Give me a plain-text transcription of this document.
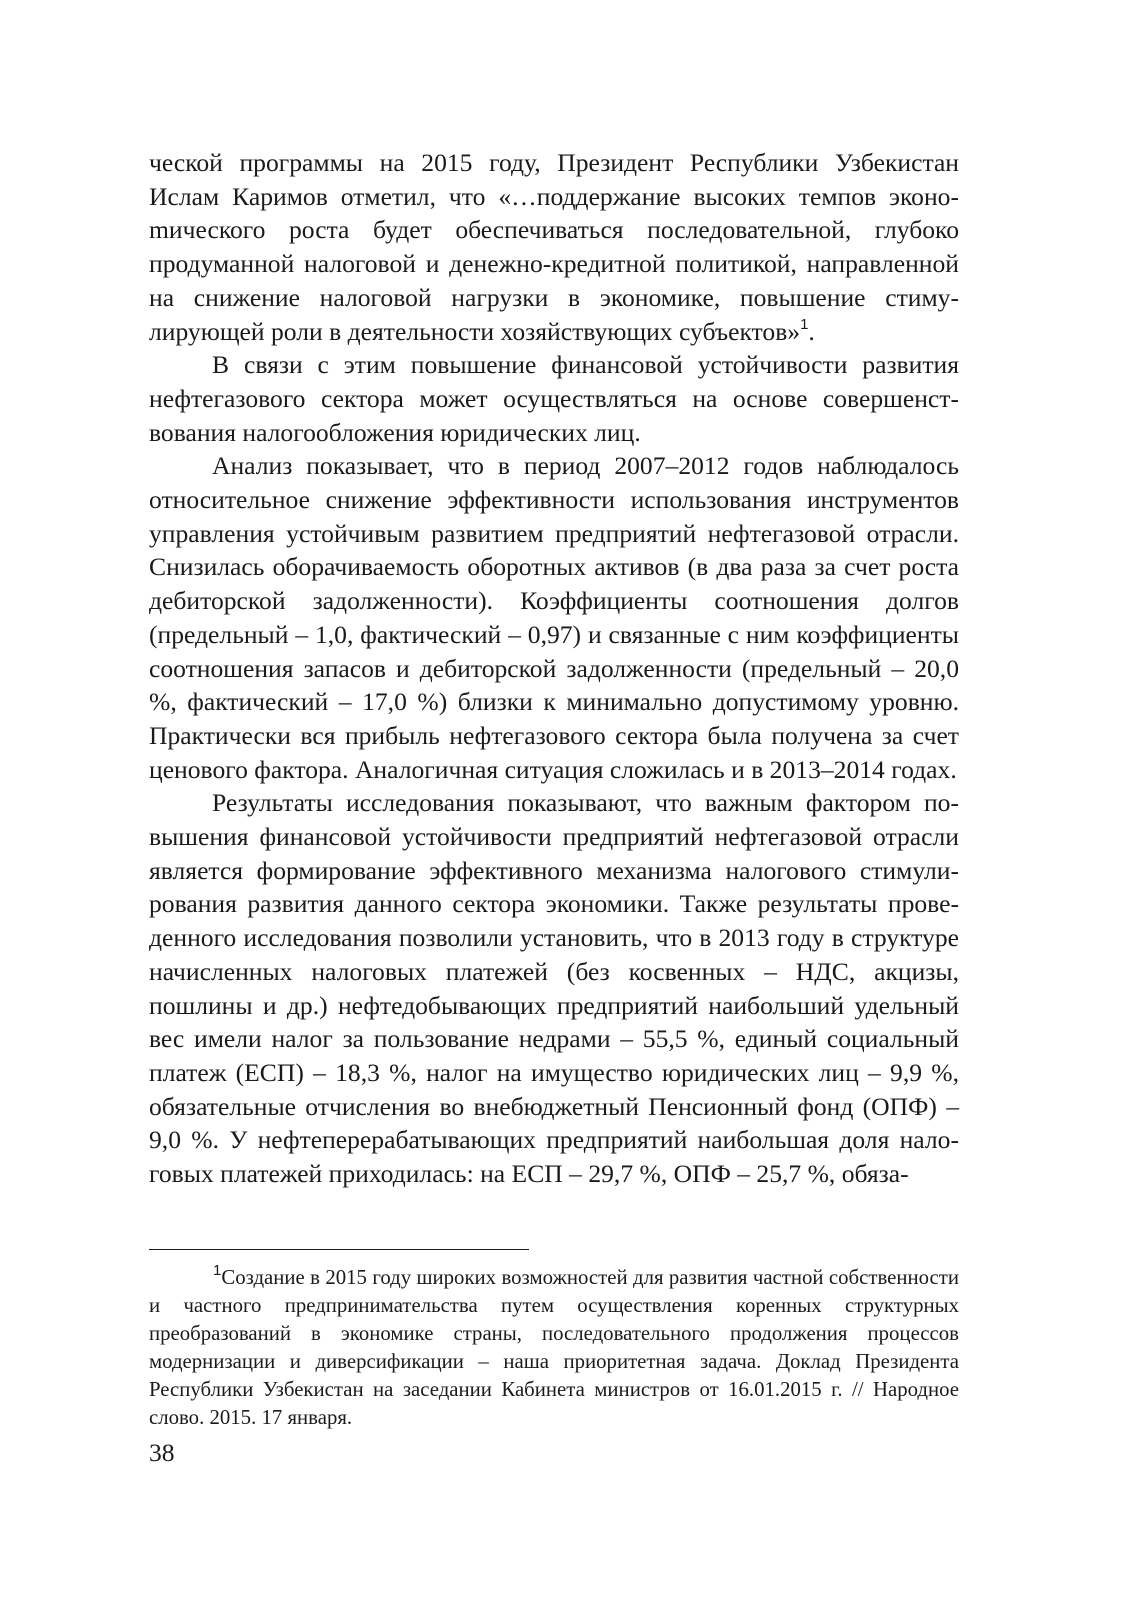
ческой программы на 2015 году, Президент Республики Узбекистан Ислам Каримов отметил, что «…поддержание высоких темпов эконоmического роста будет обеспечиваться последовательной, глубоко продуманной налоговой и денежно-кредитной политикой, направленной на снижение налоговой нагрузки в экономике, повышение стимулирующей роли в деятельности хозяйствующих субъектов»$^1$.

В связи с этим повышение финансовой устойчивости развития нефтегазового сектора может осуществляться на основе совершенствования налогообложения юридических лиц.

Анализ показывает, что в период 2007–2012 годов наблюдалось относительное снижение эффективности использования инструментов управления устойчивым развитием предприятий нефтегазовой отрасли. Снизилась оборачиваемость оборотных активов (в два раза за счет роста дебиторской задолженности). Коэффициенты соотношения долгов (предельный – 1,0, фактический – 0,97) и связанные с ним коэффициенты соотношения запасов и дебиторской задолженности (предельный – 20,0 %, фактический – 17,0 %) близки к минимально допустимому уровню. Практически вся прибыль нефтегазового сектора была получена за счет ценового фактора. Аналогичная ситуация сложилась и в 2013–2014 годах.

Результаты исследования показывают, что важным фактором повышения финансовой устойчивости предприятий нефтегазовой отрасли является формирование эффективного механизма налогового стимулирования развития данного сектора экономики. Также результаты проведенного исследования позволили установить, что в 2013 году в структуре начисленных налоговых платежей (без косвенных – НДС, акцизы, пошлины и др.) нефтедобывающих предприятий наибольший удельный вес имели налог за пользование недрами – 55,5 %, единый социальный платеж (ЕСП) – 18,3 %, налог на имущество юридических лиц – 9,9 %, обязательные отчисления во внебюджетный Пенсионный фонд (ОПФ) – 9,0 %. У нефтеперерабатывающих предприятий наибольшая доля налоговых платежей приходилась: на ЕСП – 29,7 %, ОПФ – 25,7 %, обяза-

$^1$Создание в 2015 году широких возможностей для развития частной собственности и частного предпринимательства путем осуществления коренных структурных преобразований в экономике страны, последовательного продолжения процессов модернизации и диверсификации – наша приоритетная задача. Доклад Президента Республики Узбекистан на заседании Кабинета министров от 16.01.2015 г. // Народное слово. 2015. 17 января.

38
